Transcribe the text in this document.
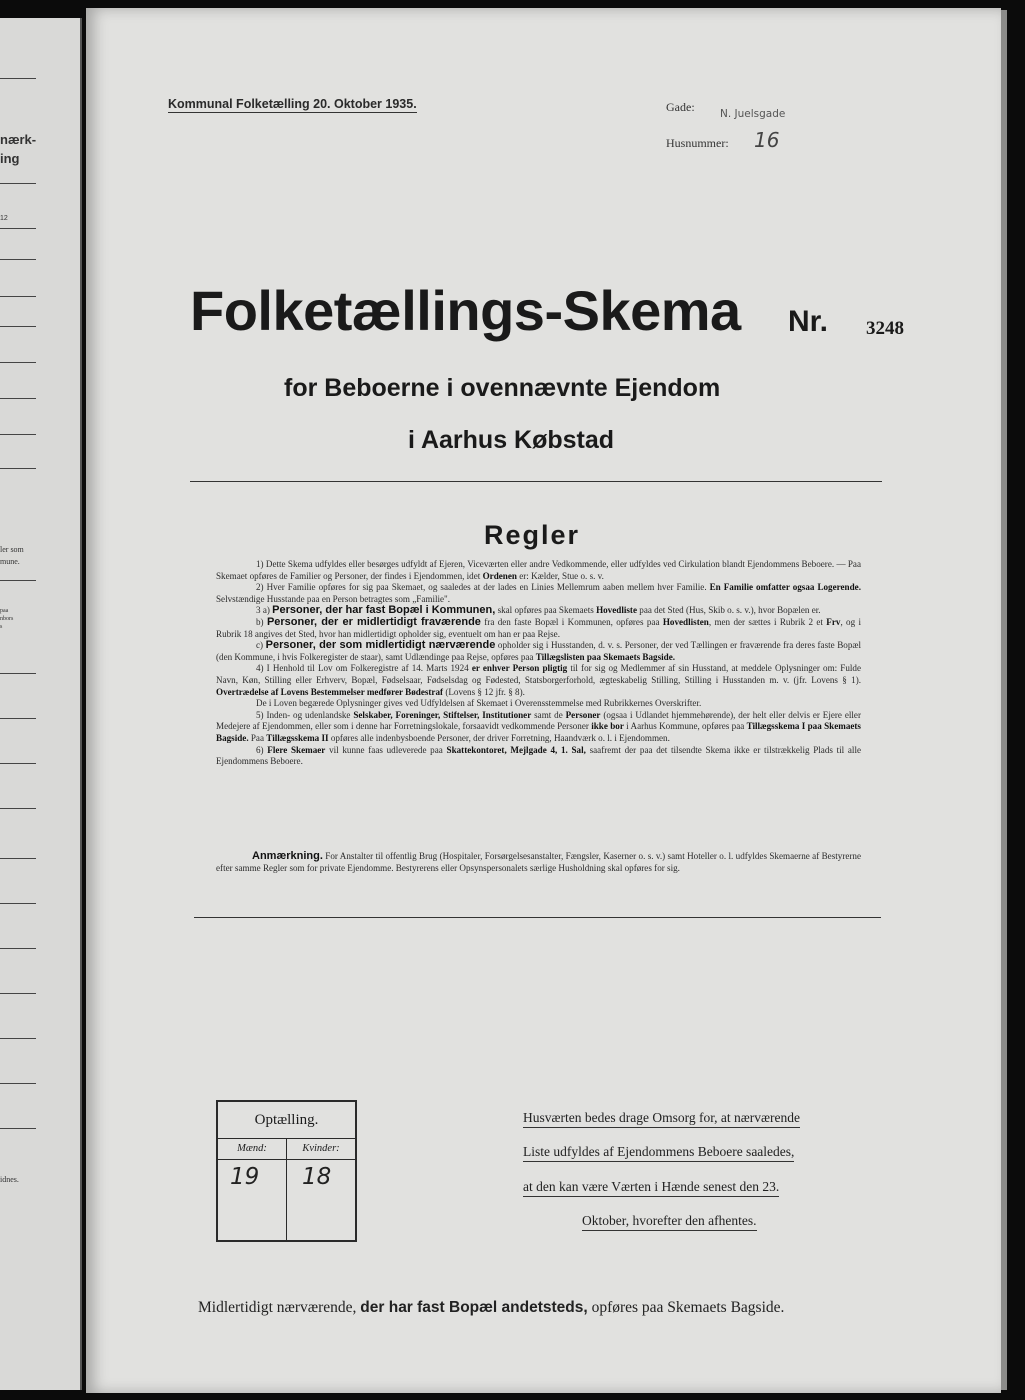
nærk-
ing
12
ler som
mune.
paa
nbors
s
idnes.
Kommunal Folketælling 20. Oktober 1935.	Gade: N. Juelsgade
Husnummer: 16
Folketællings-Skema Nr. 3248
for Beboerne i ovennævnte Ejendom
i Aarhus Købstad
Regler

1) Dette Skema udfyldes eller besørges udfyldt af Ejeren, Viceværten eller andre Vedkommende, eller udfyldes ved Cirkulation blandt Ejendommens Beboere. — Paa Skemaet opføres de Familier og Personer, der findes i Ejendommen, idet Ordenen er: Kælder, Stue o. s. v.

2) Hver Familie opføres for sig paa Skemaet, og saaledes at der lades en Linies Mellemrum aaben mellem hver Familie. En Familie omfatter ogsaa Logerende. Selvstændige Husstande paa en Person betragtes som „Familie".

3 a) Personer, der har fast Bopæl i Kommunen, skal opføres paa Skemaets Hovedliste paa det Sted (Hus, Skib o. s. v.), hvor Bopælen er.

b) Personer, der er midlertidigt fraværende fra den faste Bopæl i Kommunen, opføres paa Hovedlisten, men der sættes i Rubrik 2 et Frv, og i Rubrik 18 angives det Sted, hvor han midlertidigt opholder sig, eventuelt om han er paa Rejse.

c) Personer, der som midlertidigt nærværende opholder sig i Husstanden, d. v. s. Personer, der ved Tællingen er fraværende fra deres faste Bopæl (den Kommune, i hvis Folkeregister de staar), samt Udlændinge paa Rejse, opføres paa Tillægslisten paa Skemaets Bagside.

4) I Henhold til Lov om Folkeregistre af 14. Marts 1924 er enhver Person pligtig til for sig og Medlemmer af sin Husstand, at meddele Oplysninger om: Fulde Navn, Køn, Stilling eller Erhverv, Bopæl, Fødselsaar, Fødselsdag og Fødested, Statsborgerforhold, ægteskabelig Stilling, Stilling i Husstanden m. v. (jfr. Lovens § 1). Overtrædelse af Lovens Bestemmelser medfører Bødestraf (Lovens § 12 jfr. § 8).

De i Loven begærede Oplysninger gives ved Udfyldelsen af Skemaet i Overensstemmelse med Rubrikkernes Overskrifter.

5) Inden- og udenlandske Selskaber, Foreninger, Stiftelser, Institutioner samt de Personer (ogsaa i Udlandet hjemmehørende), der helt eller delvis er Ejere eller Medejere af Ejendommen, eller som i denne har Forretningslokale, forsaavidt vedkommende Personer ikke bor i Aarhus Kommune, opføres paa Tillægsskema I paa Skemaets Bagside. Paa Tillægsskema II opføres alle indenbysboende Personer, der driver Forretning, Haandværk o. l. i Ejendommen.

6) Flere Skemaer vil kunne faas udleverede paa Skattekontoret, Mejlgade 4, 1. Sal, saafremt der paa det tilsendte Skema ikke er tilstrækkelig Plads til alle Ejendommens Beboere.

Anmærkning. For Anstalter til offentlig Brug (Hospitaler, Forsørgelsesanstalter, Fængsler, Kaserner o. s. v.) samt Hoteller o. l. udfyldes Skemaerne af Bestyrerne efter samme Regler som for private Ejendomme. Bestyrerens eller Opsynspersonalets særlige Husholdning skal opføres for sig.

Optælling.
Mænd:	Kvinder:
19 18
Husværten bedes drage Omsorg for, at nærværende
Liste udfyldes af Ejendommens Beboere saaledes,
at den kan være Værten i Hænde senest den 23.
Oktober, hvorefter den afhentes.
Midlertidigt nærværende, der har fast Bopæl andetsteds, opføres paa Skemaets Bagside.
